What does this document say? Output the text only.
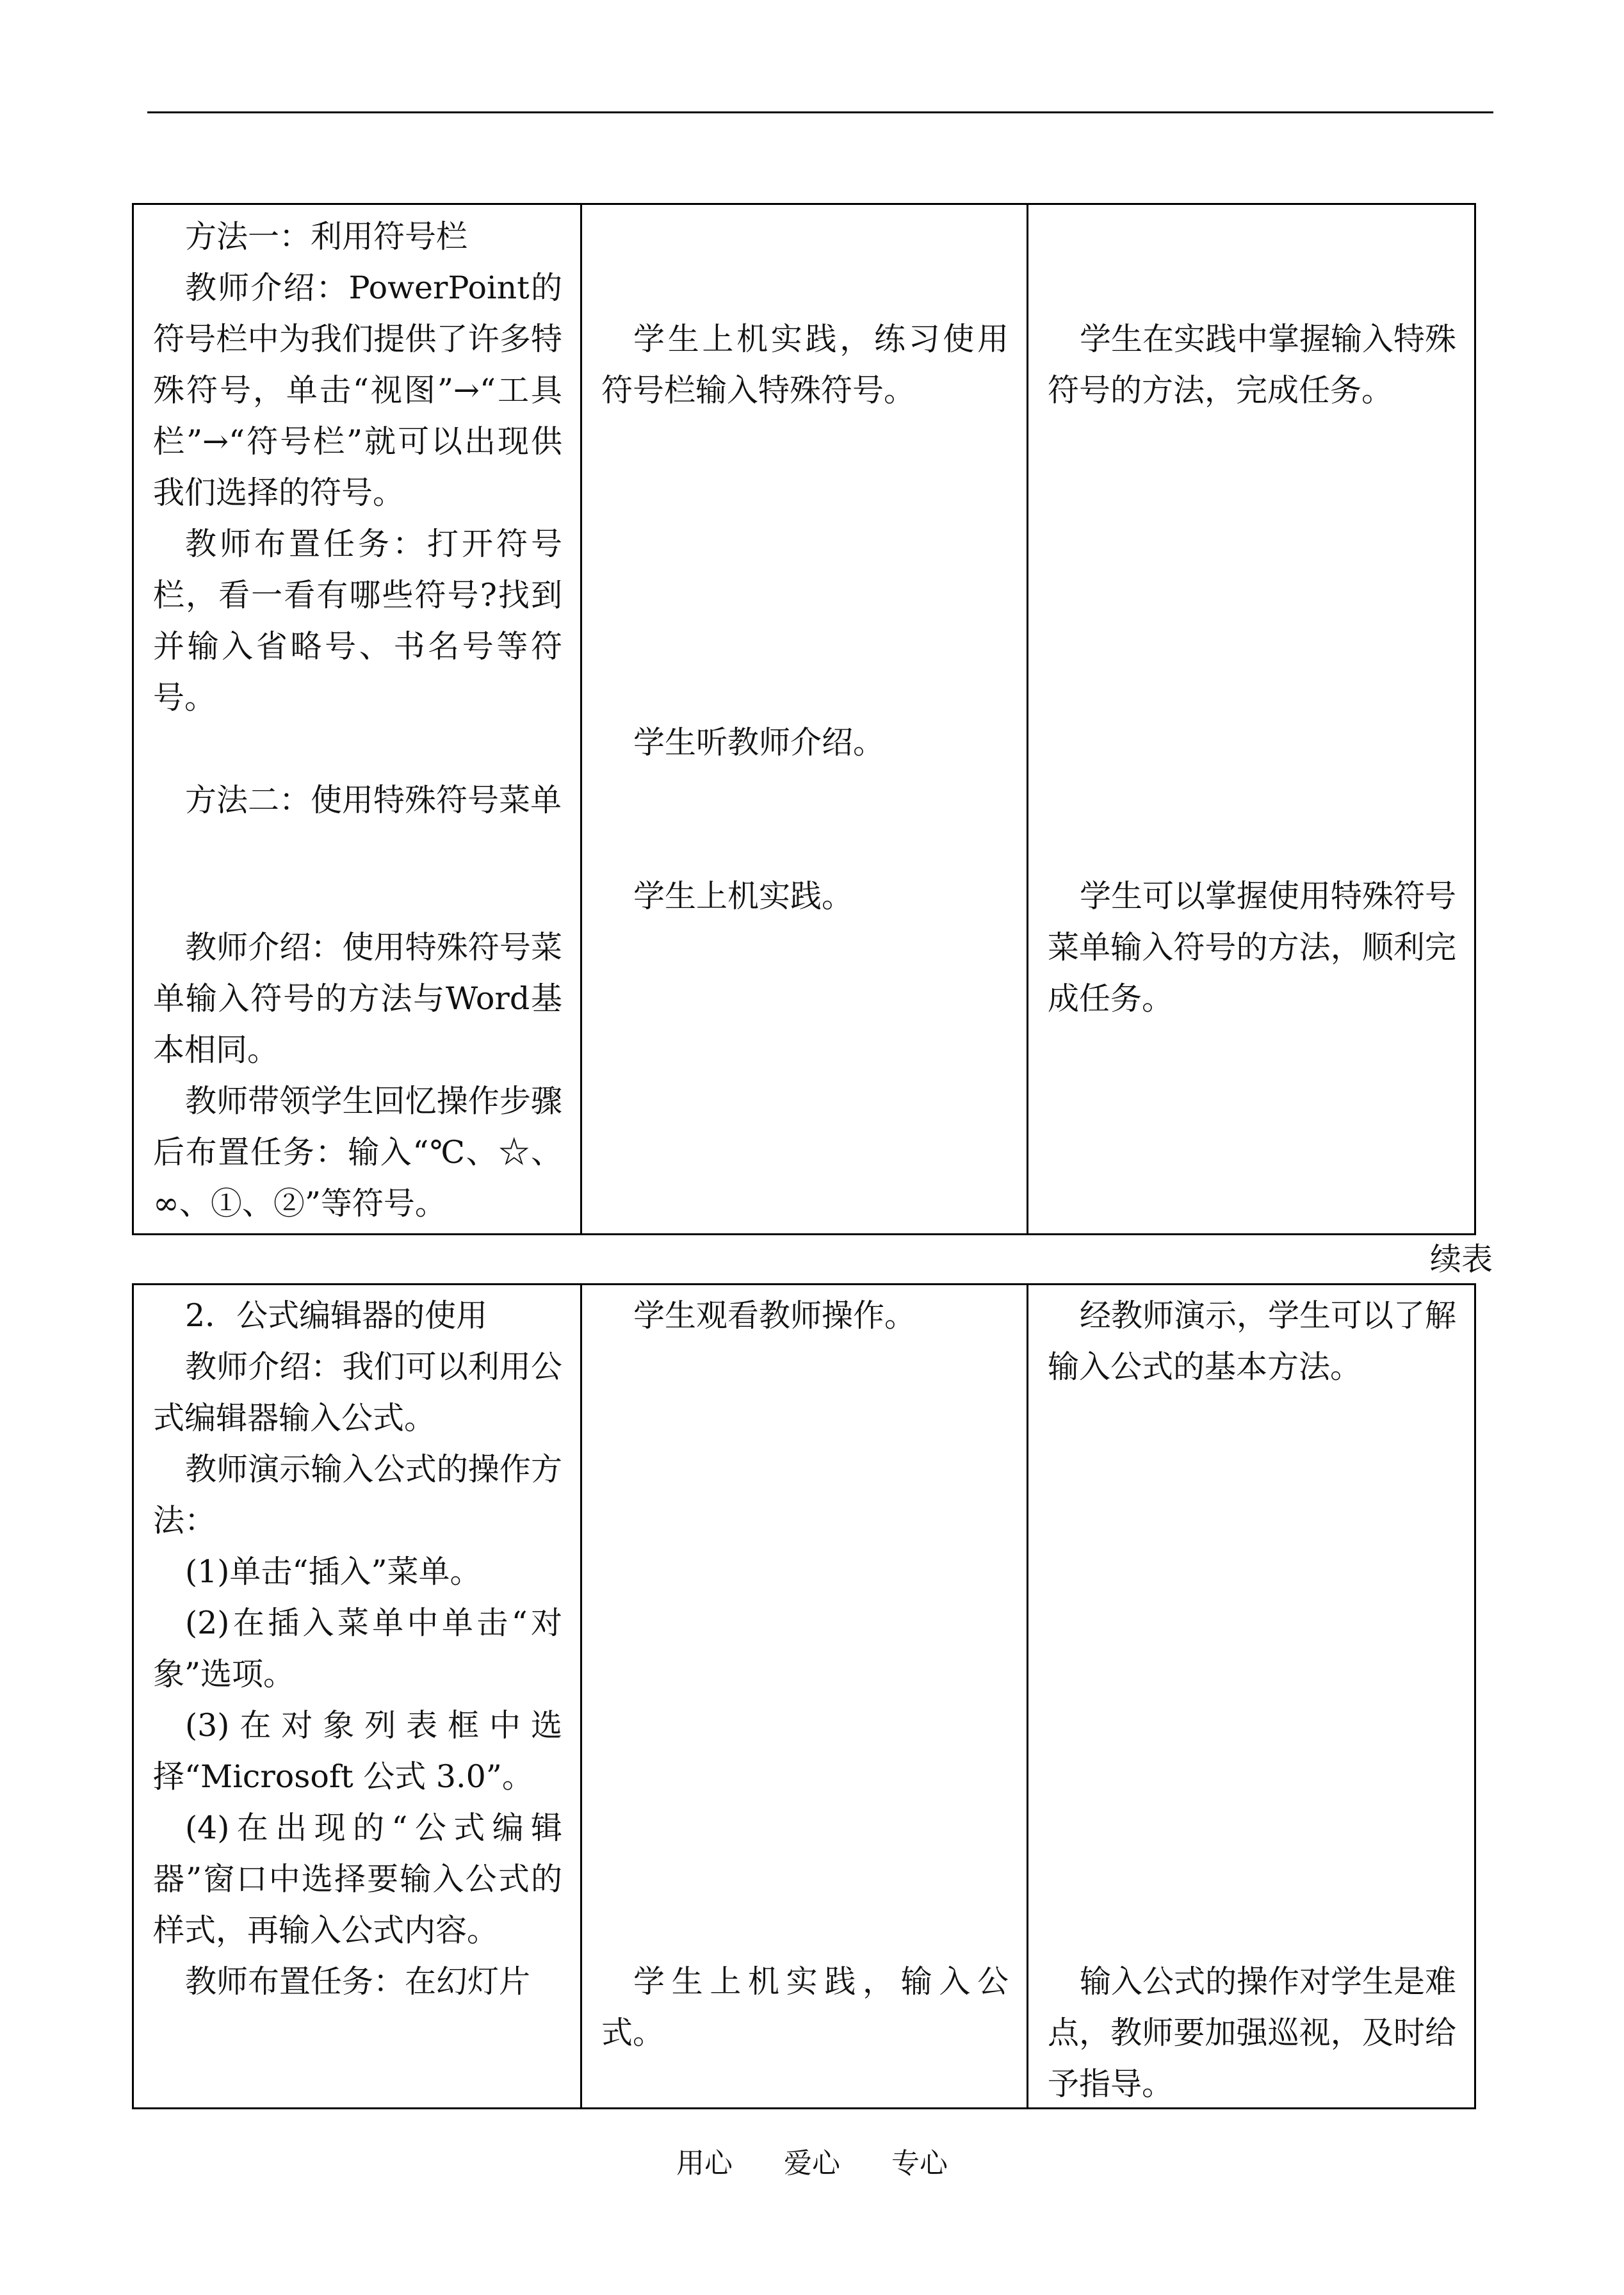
方法一：利用符号栏

教师介绍：PowerPoint的符号栏中为我们提供了许多特殊符号，单击“视图”→“工具栏”→“符号栏”就可以出现供我们选择的符号。

教师布置任务：打开符号栏，看一看有哪些符号?找到并输入省略号、书名号等符号。

方法二：使用特殊符号菜单

教师介绍：使用特殊符号菜单输入符号的方法与Word基本相同。

教师带领学生回忆操作步骤后布置任务：输入“℃、☆、∞、①、②”等符号。

学生上机实践，练习使用符号栏输入特殊符号。

学生听教师介绍。

学生上机实践。

学生在实践中掌握输入特殊符号的方法，完成任务。

学生可以掌握使用特殊符号菜单输入符号的方法，顺利完成任务。

续表

2．公式编辑器的使用

教师介绍：我们可以利用公式编辑器输入公式。

教师演示输入公式的操作方法：

(1)单击“插入”菜单。

(2)在插入菜单中单击“对象”选项。

(3)在对象列表框中选择“Microsoft 公式 3.0”。

(4)在出现的“公式编辑器”窗口中选择要输入公式的样式，再输入公式内容。

教师布置任务：在幻灯片

学生观看教师操作。

学生上机实践，输入公式。

经教师演示，学生可以了解输入公式的基本方法。

输入公式的操作对学生是难点，教师要加强巡视，及时给予指导。

用心 爱心 专心
